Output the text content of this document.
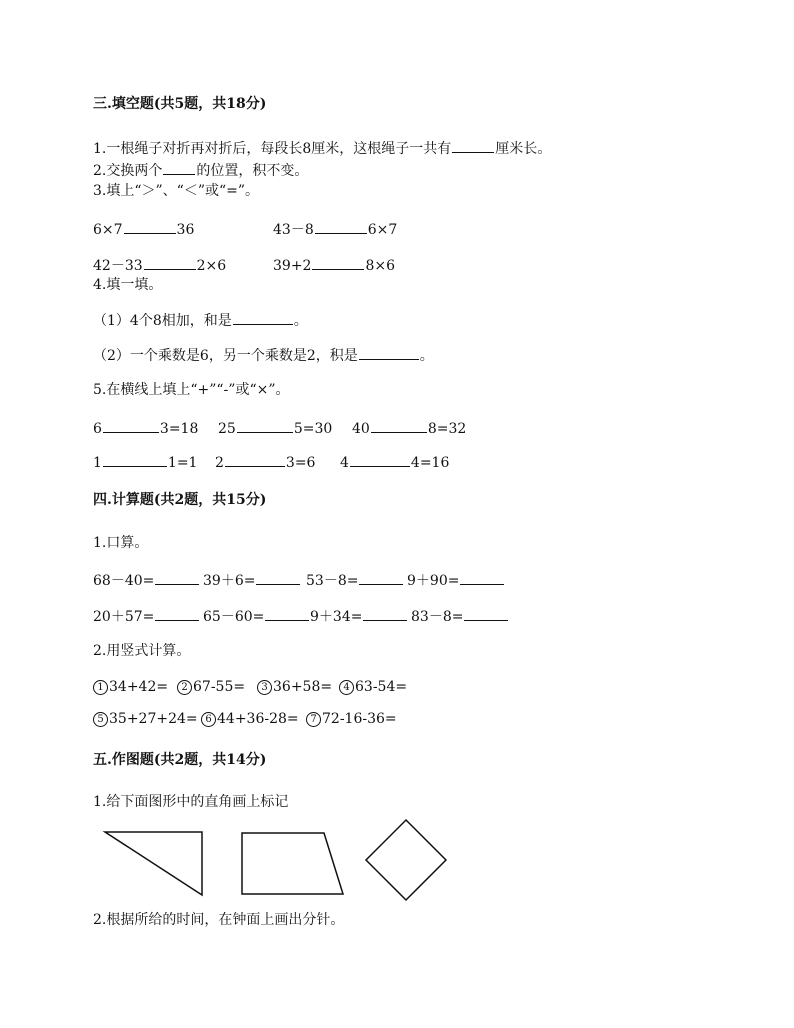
三.填空题(共5题，共18分)
1.一根绳子对折再对折后，每段长8厘米，这根绳子一共有	厘米长。
2.交换两个 的位置，积不变。
3.填上“＞”、“＜”或“=”。
6×7	36	43－8	6×7
42－33	2×6	39+2	8×6
4.填一填。
（1）4个8相加，和是	。
（2）一个乘数是6，另一个乘数是2，积是	。
5.在横线上填上“+”“-”或“×”。
6	3=18 25	5=30 40	8=32
1	1=1 2	3=6 4	4=16
四.计算题(共2题，共15分)
1.口算。
68－40=	39＋6=	53－8=	9＋90=
20＋57=	65－60=	9＋34=	83－8=
2.用竖式计算。
1 34+42=	2 67-55=	3 36+58=	4 63-54=
5 35+27+24= 6 44+36-28=	7 72-16-36=
五.作图题(共2题，共14分)
1.给下面图形中的直角画上标记
2.根据所给的时间，在钟面上画出分针。
